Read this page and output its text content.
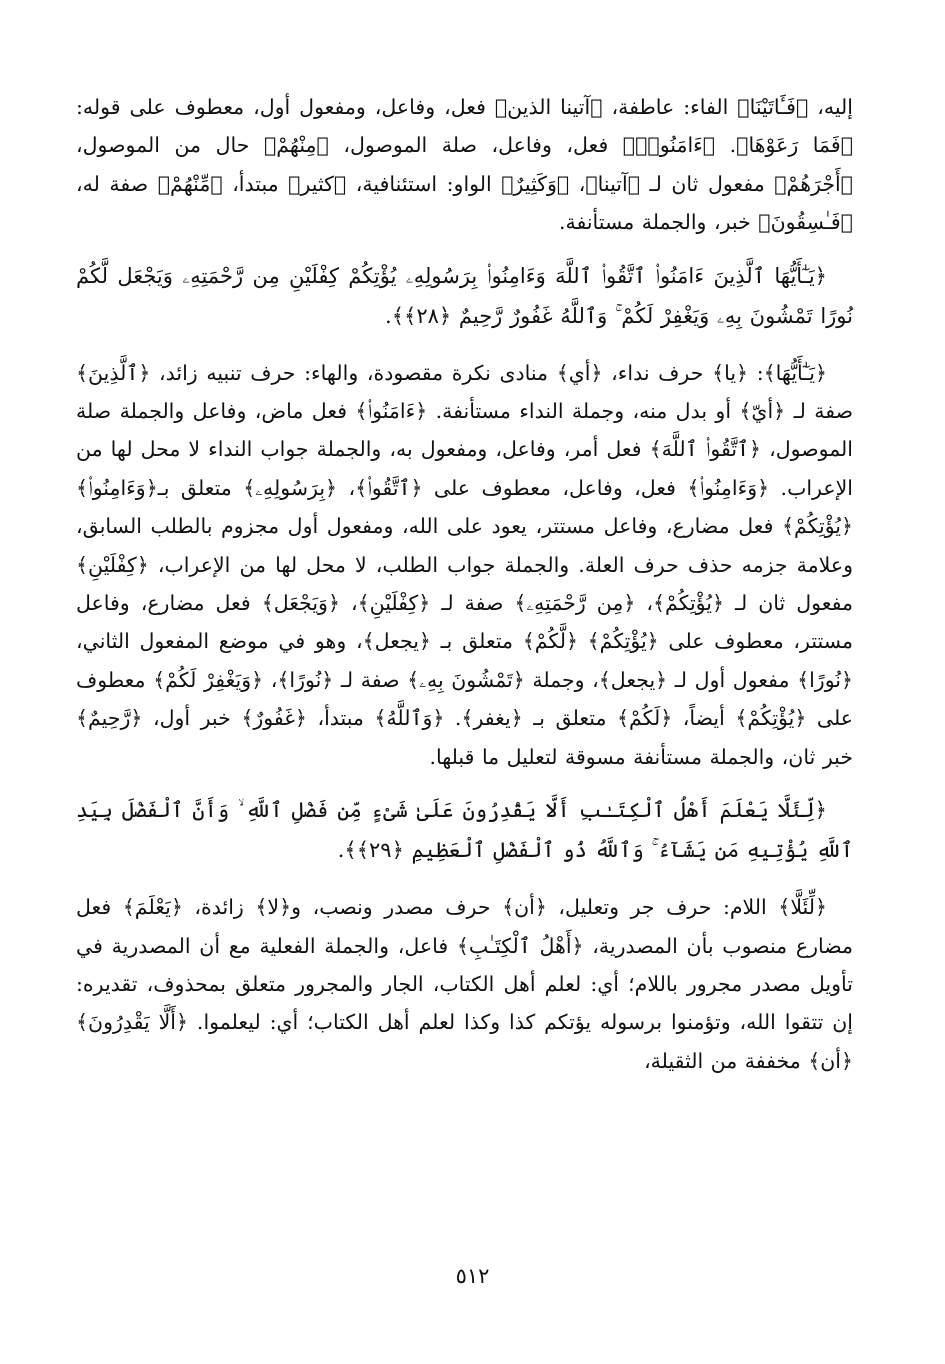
إليه، ﴿فَـَٔاتَيْنَا﴾ الفاء: عاطفة، ﴿آتينا الذين﴾ فعل، وفاعل، ومفعول أول، معطوف على قوله: ﴿فَمَا رَعَوْهَا﴾. ﴿ءَامَنُوا۟﴾ فعل، وفاعل، صلة الموصول، ﴿مِنْهُمْ﴾ حال من الموصول، ﴿أَجْرَهُمْ﴾ مفعول ثان لـ ﴿آتينا﴾، ﴿وَكَثِيرٌ﴾ الواو: استئنافية، ﴿كثير﴾ مبتدأ، ﴿مِّنْهُمْ﴾ صفة له، ﴿فَـٰسِقُونَ﴾ خبر، والجملة مستأنفة.

﴿يَـٰٓأَيُّهَا ٱلَّذِينَ ءَامَنُوا۟ ٱتَّقُوا۟ ٱللَّهَ وَءَامِنُوا۟ بِرَسُولِهِۦ يُؤْتِكُمْ كِفْلَيْنِ مِن رَّحْمَتِهِۦ وَيَجْعَل لَّكُمْ نُورًا تَمْشُونَ بِهِۦ وَيَغْفِرْ لَكُمْ ۚ وَٱللَّهُ غَفُورٌ رَّحِيمٌ ﴿٢٨﴾﴾.

﴿يَـٰٓأَيُّهَا﴾: ﴿يا﴾ حرف نداء، ﴿أي﴾ منادى نكرة مقصودة، والهاء: حرف تنبيه زائد، ﴿ٱلَّذِينَ﴾ صفة لـ ﴿أيّ﴾ أو بدل منه، وجملة النداء مستأنفة. ﴿ءَامَنُوا۟﴾ فعل ماض، وفاعل والجملة صلة الموصول، ﴿ٱتَّقُوا۟ ٱللَّهَ﴾ فعل أمر، وفاعل، ومفعول به، والجملة جواب النداء لا محل لها من الإعراب. ﴿وَءَامِنُوا۟﴾ فعل، وفاعل، معطوف على ﴿ٱتَّقُوا۟﴾، ﴿بِرَسُولِهِۦ﴾ متعلق بـ﴿وَءَامِنُوا۟﴾ ﴿يُؤْتِكُمْ﴾ فعل مضارع، وفاعل مستتر، يعود على الله، ومفعول أول مجزوم بالطلب السابق، وعلامة جزمه حذف حرف العلة. والجملة جواب الطلب، لا محل لها من الإعراب، ﴿كِفْلَيْنِ﴾ مفعول ثان لـ ﴿يُؤْتِكُمْ﴾، ﴿مِن رَّحْمَتِهِۦ﴾ صفة لـ ﴿كِفْلَيْنِ﴾، ﴿وَيَجْعَل﴾ فعل مضارع، وفاعل مستتر، معطوف على ﴿يُؤْتِكُمْ﴾ ﴿لَّكُمْ﴾ متعلق بـ ﴿يجعل﴾، وهو في موضع المفعول الثاني، ﴿نُورًا﴾ مفعول أول لـ ﴿يجعل﴾، وجملة ﴿تَمْشُونَ بِهِۦ﴾ صفة لـ ﴿نُورًا﴾، ﴿وَيَغْفِرْ لَكُمْ﴾ معطوف على ﴿يُؤْتِكُمْ﴾ أيضاً، ﴿لَكُمْ﴾ متعلق بـ ﴿يغفر﴾. ﴿وَٱللَّهُ﴾ مبتدأ، ﴿غَفُورٌ﴾ خبر أول، ﴿رَّحِيمٌ﴾ خبر ثان، والجملة مستأنفة مسوقة لتعليل ما قبلها.

﴿لِّئَلَّا يَعْلَمَ أَهْلُ ٱلْكِتَـٰبِ أَلَّا يَقْدِرُونَ عَلَىٰ شَىْءٍ مِّن فَضْلِ ٱللَّهِ ۙ وَأَنَّ ٱلْفَضْلَ بِيَدِ ٱللَّهِ يُؤْتِيهِ مَن يَشَآءُ ۚ وَٱللَّهُ ذُو ٱلْفَضْلِ ٱلْعَظِيمِ ﴿٢٩﴾﴾.

﴿لِّئَلَّا﴾ اللام: حرف جر وتعليل، ﴿أن﴾ حرف مصدر ونصب، و﴿لا﴾ زائدة، ﴿يَعْلَمَ﴾ فعل مضارع منصوب بأن المصدرية، ﴿أَهْلُ ٱلْكِتَـٰبِ﴾ فاعل، والجملة الفعلية مع أن المصدرية في تأويل مصدر مجرور باللام؛ أي: لعلم أهل الكتاب، الجار والمجرور متعلق بمحذوف، تقديره: إن تتقوا الله، وتؤمنوا برسوله يؤتكم كذا وكذا لعلم أهل الكتاب؛ أي: ليعلموا. ﴿أَلَّا يَقْدِرُونَ﴾ ﴿أن﴾ مخففة من الثقيلة،

٥١٢
